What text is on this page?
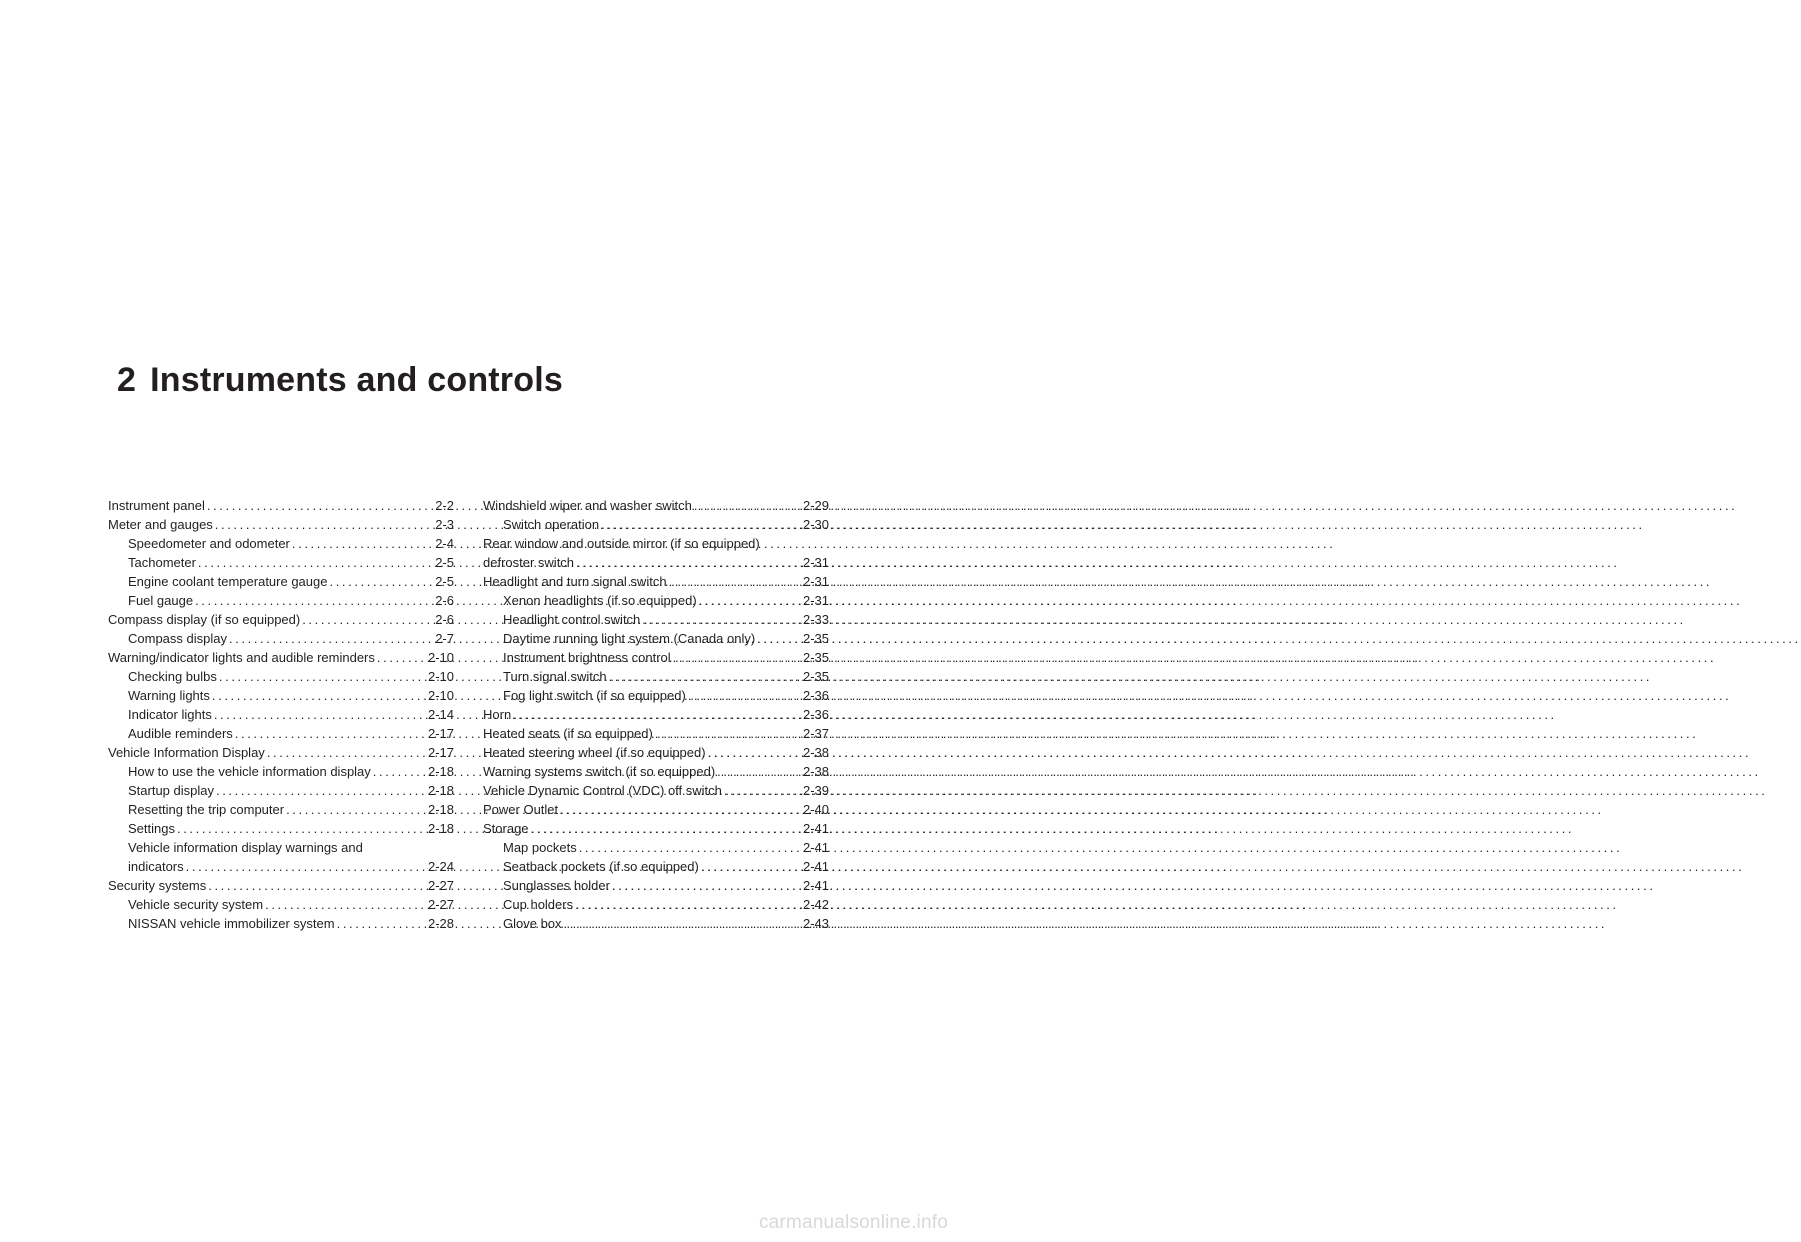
2 Instruments and controls
Instrument panel .....	2-2
Meter and gauges .....	2-3
Speedometer and odometer .....	2-4
Tachometer .....	2-5
Engine coolant temperature gauge .....	2-5
Fuel gauge .....	2-6
Compass display (if so equipped) .....	2-6
Compass display .....	2-7
Warning/indicator lights and audible reminders .....	2-10
Checking bulbs .....	2-10
Warning lights .....	2-10
Indicator lights .....	2-14
Audible reminders .....	2-17
Vehicle Information Display .....	2-17
How to use the vehicle information display .....	2-18
Startup display .....	2-18
Resetting the trip computer .....	2-18
Settings .....	2-18
Vehicle information display warnings and
indicators .....	2-24
Security systems .....	2-27
Vehicle security system .....	2-27
NISSAN vehicle immobilizer system .....	2-28
Windshield wiper and washer switch .....	2-29
Switch operation .....	2-30
Rear window and outside mirror (if so equipped)
defroster switch .....	2-31
Headlight and turn signal switch .....	2-31
Xenon headlights (if so equipped) .....	2-31
Headlight control switch .....	2-33
Daytime running light system (Canada only) .....	2-35
Instrument brightness control .....	2-35
Turn signal switch .....	2-35
Fog light switch (if so equipped) .....	2-36
Horn .....	2-36
Heated seats (if so equipped) .....	2-37
Heated steering wheel (if so equipped) .....	2-38
Warning systems switch (if so equipped) .....	2-38
Vehicle Dynamic Control (VDC) off switch .....	2-39
Power Outlet .....	2-40
Storage .....	2-41
Map pockets .....	2-41
Seatback pockets (if so equipped) .....	2-41
Sunglasses holder .....	2-41
Cup holders .....	2-42
Glove box .....	2-43
carmanualsonline.info
